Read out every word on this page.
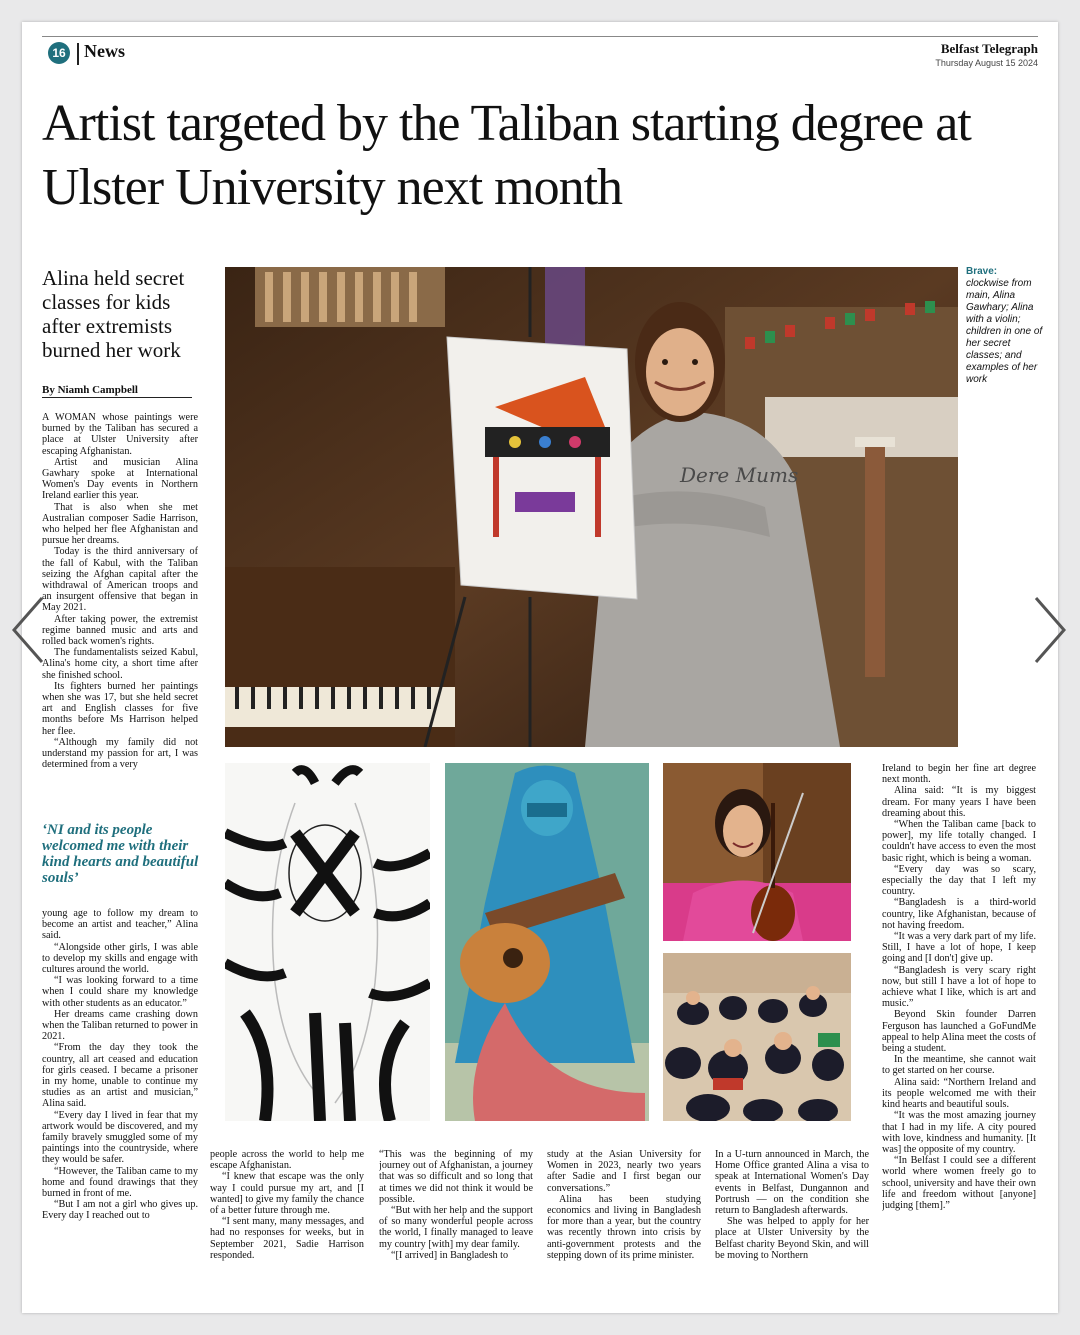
16 News	Belfast Telegraph
Thursday August 15 2024
Artist targeted by the Taliban starting degree at Ulster University next month
Alina held secret classes for kids after extremists burned her work
By Niamh Campbell
Dere Mums
Brave:
clockwise from main, Alina Gawhary; Alina with a violin; children in one of her secret classes; and examples of her work

A WOMAN whose paintings were burned by the Taliban has secured a place at Ulster University after escaping Afghanistan.

Artist and musician Alina Gawhary spoke at International Women's Day events in Northern Ireland earlier this year.

That is also when she met Australian composer Sadie Harrison, who helped her flee Afghanistan and pursue her dreams.

Today is the third anniversary of the fall of Kabul, with the Taliban seizing the Afghan capital after the withdrawal of American troops and an insurgent offensive that began in May 2021.

After taking power, the extremist regime banned music and arts and rolled back women's rights.

The fundamentalists seized Kabul, Alina's home city, a short time after she finished school.

Its fighters burned her paintings when she was 17, but she held secret art and English classes for five months before Ms Harrison helped her flee.

“Although my family did not understand my passion for art, I was determined from a very

‘NI and its people welcomed me with their kind hearts and beautiful souls’

young age to follow my dream to become an artist and teacher,” Alina said.

“Alongside other girls, I was able to develop my skills and engage with cultures around the world.

“I was looking forward to a time when I could share my knowledge with other students as an educator.”

Her dreams came crashing down when the Taliban returned to power in 2021.

“From the day they took the country, all art ceased and education for girls ceased. I became a prisoner in my home, unable to continue my studies as an artist and musician,” Alina said.

“Every day I lived in fear that my artwork would be discovered, and my family bravely smuggled some of my paintings into the countryside, where they would be safer.

“However, the Taliban came to my home and found drawings that they burned in front of me.

“But I am not a girl who gives up. Every day I reached out to

people across the world to help me escape Afghanistan.

“I knew that escape was the only way I could pursue my art, and [I wanted] to give my family the chance of a better future through me.

“I sent many, many messages, and had no responses for weeks, but in September 2021, Sadie Harrison responded.

“This was the beginning of my journey out of Afghanistan, a journey that was so difficult and so long that at times we did not think it would be possible.

“But with her help and the support of so many wonderful people across the world, I finally managed to leave my country [with] my dear family.

“[I arrived] in Bangladesh to

study at the Asian University for Women in 2023, nearly two years after Sadie and I first began our conversations.”

Alina has been studying economics and living in Bangladesh for more than a year, but the country was recently thrown into crisis by anti-government protests and the stepping down of its prime minister.

In a U-turn announced in March, the Home Office granted Alina a visa to speak at International Women's Day events in Belfast, Dungannon and Portrush — on the condition she return to Bangladesh afterwards.

She was helped to apply for her place at Ulster University by the Belfast charity Beyond Skin, and will be moving to Northern

Ireland to begin her fine art degree next month.

Alina said: “It is my biggest dream. For many years I have been dreaming about this.

“When the Taliban came [back to power], my life totally changed. I couldn't have access to even the most basic right, which is being a woman.

“Every day was so scary, especially the day that I left my country.

“Bangladesh is a third-world country, like Afghanistan, because of not having freedom.

“It was a very dark part of my life. Still, I have a lot of hope, I keep going and [I don't] give up.

“Bangladesh is very scary right now, but still I have a lot of hope to achieve what I like, which is art and music.”

Beyond Skin founder Darren Ferguson has launched a GoFundMe appeal to help Alina meet the costs of being a student.

In the meantime, she cannot wait to get started on her course.

Alina said: “Northern Ireland and its people welcomed me with their kind hearts and beautiful souls.

“It was the most amazing journey that I had in my life. A city poured with love, kindness and humanity. [It was] the opposite of my country.

“In Belfast I could see a different world where women freely go to school, university and have their own life and freedom without [anyone] judging [them].”
